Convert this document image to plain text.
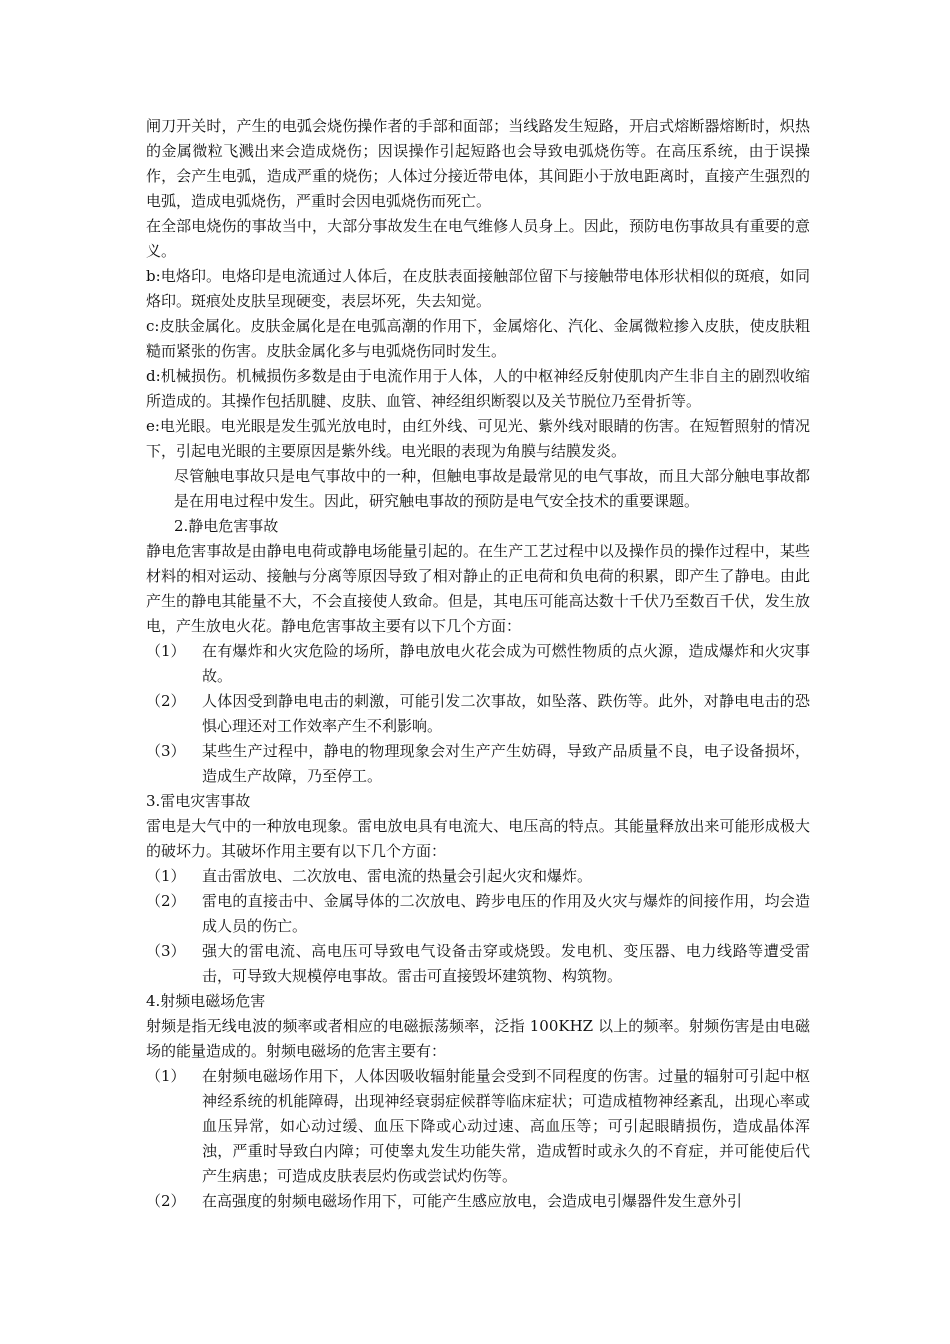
闸刀开关时，产生的电弧会烧伤操作者的手部和面部；当线路发生短路，开启式熔断器熔断时，炽热的金属微粒飞溅出来会造成烧伤；因误操作引起短路也会导致电弧烧伤等。在高压系统，由于误操作，会产生电弧，造成严重的烧伤；人体过分接近带电体，其间距小于放电距离时，直接产生强烈的电弧，造成电弧烧伤，严重时会因电弧烧伤而死亡。

在全部电烧伤的事故当中，大部分事故发生在电气维修人员身上。因此，预防电伤事故具有重要的意义。

b:电烙印。电烙印是电流通过人体后，在皮肤表面接触部位留下与接触带电体形状相似的斑痕，如同烙印。斑痕处皮肤呈现硬变，表层坏死，失去知觉。

c:皮肤金属化。皮肤金属化是在电弧高潮的作用下，金属熔化、汽化、金属微粒掺入皮肤，使皮肤粗糙而紧张的伤害。皮肤金属化多与电弧烧伤同时发生。

d:机械损伤。机械损伤多数是由于电流作用于人体，人的中枢神经反射使肌肉产生非自主的剧烈收缩所造成的。其操作包括肌腱、皮肤、血管、神经组织断裂以及关节脱位乃至骨折等。

e:电光眼。电光眼是发生弧光放电时，由红外线、可见光、紫外线对眼睛的伤害。在短暂照射的情况下，引起电光眼的主要原因是紫外线。电光眼的表现为角膜与结膜发炎。

尽管触电事故只是电气事故中的一种，但触电事故是最常见的电气事故，而且大部分触电事故都是在用电过程中发生。因此，研究触电事故的预防是电气安全技术的重要课题。

2.静电危害事故

静电危害事故是由静电电荷或静电场能量引起的。在生产工艺过程中以及操作员的操作过程中，某些材料的相对运动、接触与分离等原因导致了相对静止的正电荷和负电荷的积累，即产生了静电。由此产生的静电其能量不大，不会直接使人致命。但是，其电压可能高达数十千伏乃至数百千伏，发生放电，产生放电火花。静电危害事故主要有以下几个方面：

（1） 在有爆炸和火灾危险的场所，静电放电火花会成为可燃性物质的点火源，造成爆炸和火灾事故。
（2） 人体因受到静电电击的刺激，可能引发二次事故，如坠落、跌伤等。此外，对静电电击的恐惧心理还对工作效率产生不利影响。
（3） 某些生产过程中，静电的物理现象会对生产产生妨碍，导致产品质量不良，电子设备损坏，造成生产故障，乃至停工。

3.雷电灾害事故

雷电是大气中的一种放电现象。雷电放电具有电流大、电压高的特点。其能量释放出来可能形成极大的破坏力。其破坏作用主要有以下几个方面：

（1） 直击雷放电、二次放电、雷电流的热量会引起火灾和爆炸。
（2） 雷电的直接击中、金属导体的二次放电、跨步电压的作用及火灾与爆炸的间接作用，均会造成人员的伤亡。
（3） 强大的雷电流、高电压可导致电气设备击穿或烧毁。发电机、变压器、电力线路等遭受雷击，可导致大规模停电事故。雷击可直接毁坏建筑物、构筑物。

4.射频电磁场危害

射频是指无线电波的频率或者相应的电磁振荡频率，泛指 100KHZ 以上的频率。射频伤害是由电磁场的能量造成的。射频电磁场的危害主要有：

（1） 在射频电磁场作用下，人体因吸收辐射能量会受到不同程度的伤害。过量的辐射可引起中枢神经系统的机能障碍，出现神经衰弱症候群等临床症状；可造成植物神经紊乱，出现心率或血压异常，如心动过缓、血压下降或心动过速、高血压等；可引起眼睛损伤，造成晶体浑浊，严重时导致白内障；可使睾丸发生功能失常，造成暂时或永久的不育症，并可能使后代产生病患；可造成皮肤表层灼伤或尝试灼伤等。
（2） 在高强度的射频电磁场作用下，可能产生感应放电，会造成电引爆器件发生意外引
